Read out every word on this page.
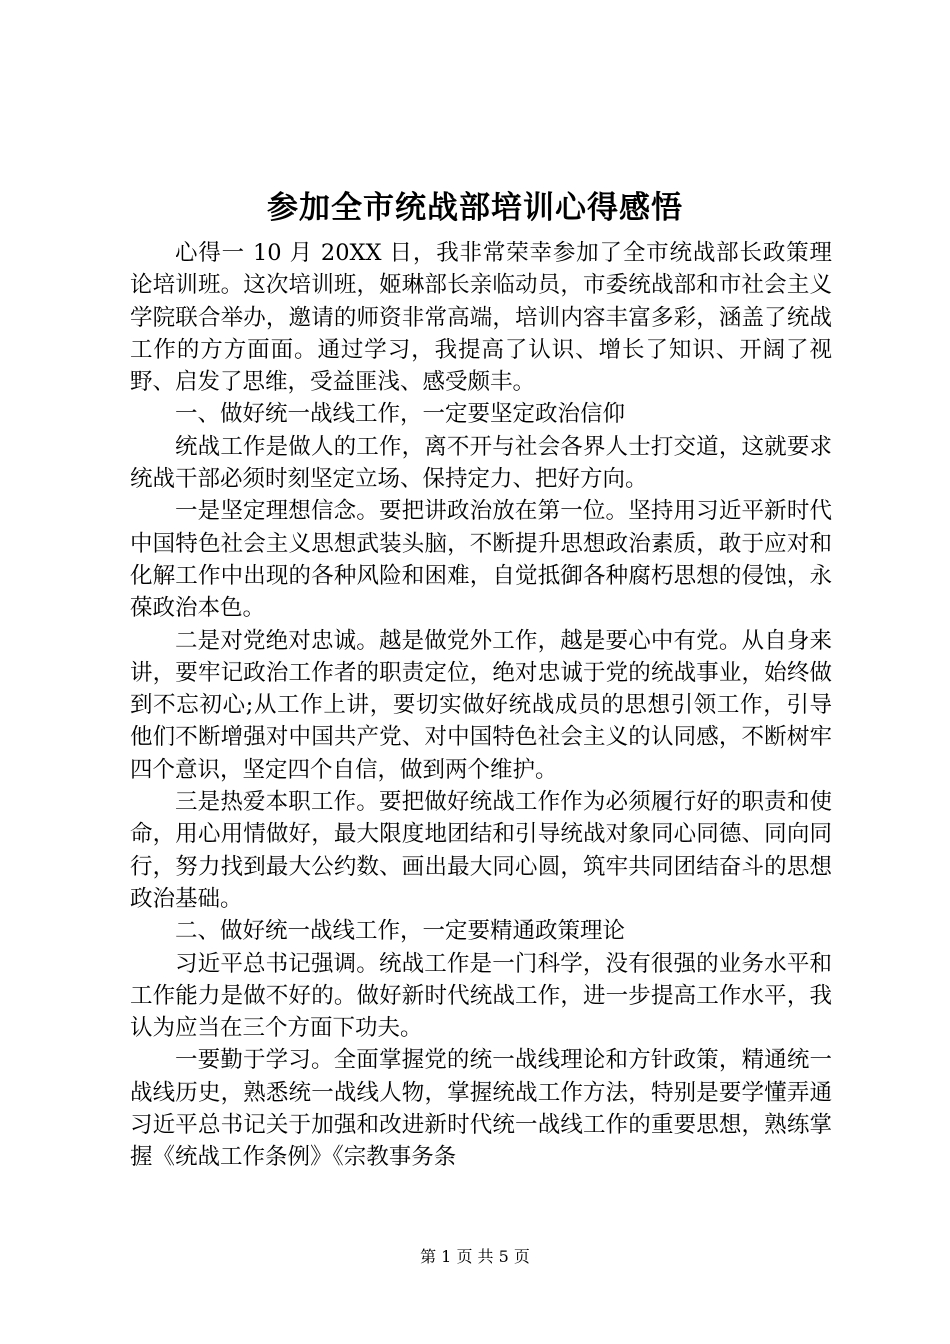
参加全市统战部培训心得感悟

心得一 10 月 20XX 日，我非常荣幸参加了全市统战部长政策理论培训班。这次培训班，姬琳部长亲临动员，市委统战部和市社会主义学院联合举办，邀请的师资非常高端，培训内容丰富多彩，涵盖了统战工作的方方面面。通过学习，我提高了认识、增长了知识、开阔了视野、启发了思维，受益匪浅、感受颇丰。

一、做好统一战线工作，一定要坚定政治信仰

统战工作是做人的工作，离不开与社会各界人士打交道，这就要求统战干部必须时刻坚定立场、保持定力、把好方向。

一是坚定理想信念。要把讲政治放在第一位。坚持用习近平新时代中国特色社会主义思想武装头脑，不断提升思想政治素质，敢于应对和化解工作中出现的各种风险和困难，自觉抵御各种腐朽思想的侵蚀，永葆政治本色。

二是对党绝对忠诚。越是做党外工作，越是要心中有党。从自身来讲，要牢记政治工作者的职责定位，绝对忠诚于党的统战事业，始终做到不忘初心;从工作上讲，要切实做好统战成员的思想引领工作，引导他们不断增强对中国共产党、对中国特色社会主义的认同感，不断树牢四个意识，坚定四个自信，做到两个维护。

三是热爱本职工作。要把做好统战工作作为必须履行好的职责和使命，用心用情做好，最大限度地团结和引导统战对象同心同德、同向同行，努力找到最大公约数、画出最大同心圆，筑牢共同团结奋斗的思想政治基础。

二、做好统一战线工作，一定要精通政策理论

习近平总书记强调。统战工作是一门科学，没有很强的业务水平和工作能力是做不好的。做好新时代统战工作，进一步提高工作水平，我认为应当在三个方面下功夫。

一要勤于学习。全面掌握党的统一战线理论和方针政策，精通统一战线历史，熟悉统一战线人物，掌握统战工作方法，特别是要学懂弄通习近平总书记关于加强和改进新时代统一战线工作的重要思想，熟练掌握《统战工作条例》《宗教事务条

第 1 页 共 5 页
